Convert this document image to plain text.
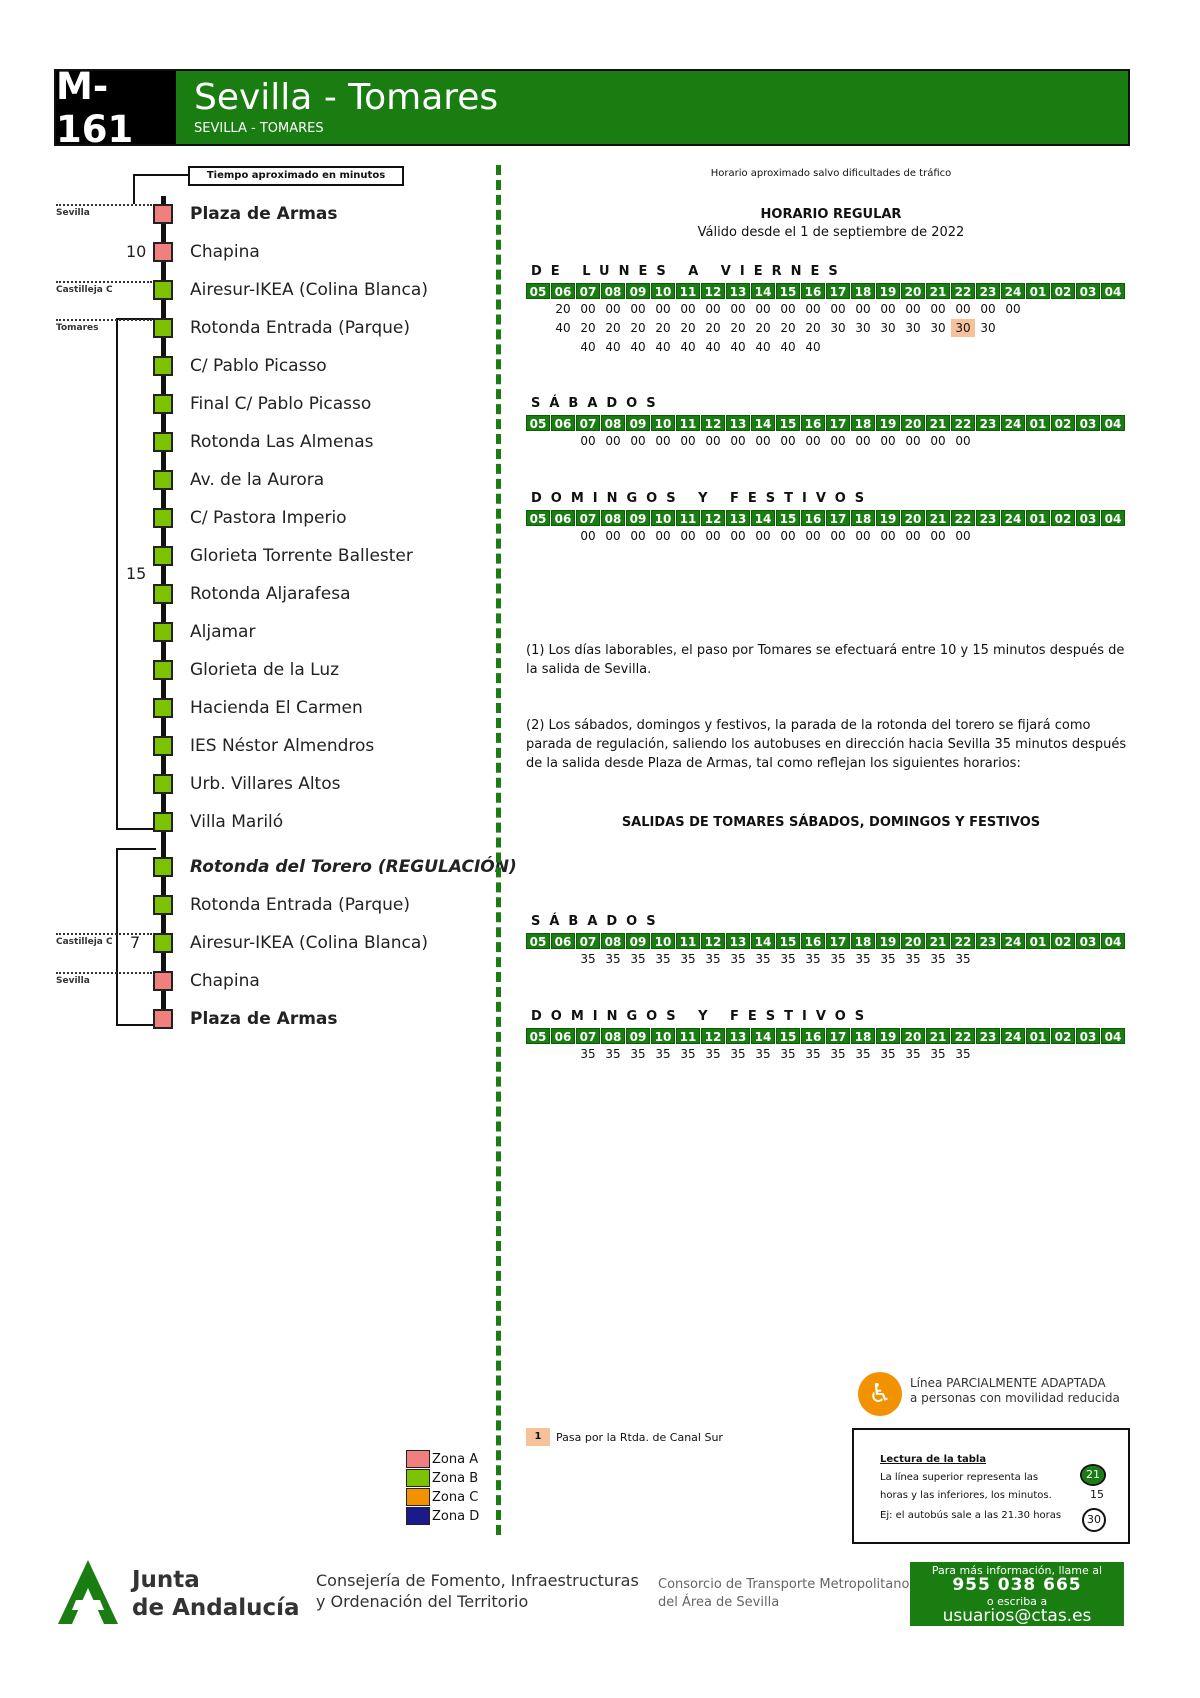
M-161
Sevilla - Tomares
SEVILLA - TOMARES
Tiempo aproximado en minutos
Plaza de Armas
Chapina
Airesur-IKEA (Colina Blanca)
Rotonda Entrada (Parque)
C/ Pablo Picasso
Final C/ Pablo Picasso
Rotonda Las Almenas
Av. de la Aurora
C/ Pastora Imperio
Glorieta Torrente Ballester
Rotonda Aljarafesa
Aljamar
Glorieta de la Luz
Hacienda El Carmen
IES Néstor Almendros
Urb. Villares Altos
Villa Mariló
Rotonda del Torero (REGULACIÓN)
Rotonda Entrada (Parque)
Airesur-IKEA (Colina Blanca)
Chapina
Plaza de Armas
Sevilla
Castilleja C
Tomares
Castilleja C
Sevilla
10
15
7
Horario aproximado salvo dificultades de tráfico
HORARIO REGULAR
Válido desde el 1 de septiembre de 2022
DE LUNES A VIERNES
05 06 07 08 09 10 11 12 13 14 15 16 17 18 19 20 21 22 23 24 01 02 03 04
20 00 00 00 00 00 00 00 00 00 00 00 00 00 00 00 00 00 00
40 20 20 20 20 20 20 20 20 20 20 30 30 30 30 30 30 30
40 40 40 40 40 40 40 40 40 40
SÁBADOS
05 06 07 08 09 10 11 12 13 14 15 16 17 18 19 20 21 22 23 24 01 02 03 04
00 00 00 00 00 00 00 00 00 00 00 00 00 00 00 00
DOMINGOS Y FESTIVOS
05 06 07 08 09 10 11 12 13 14 15 16 17 18 19 20 21 22 23 24 01 02 03 04
00 00 00 00 00 00 00 00 00 00 00 00 00 00 00 00
SÁBADOS
05 06 07 08 09 10 11 12 13 14 15 16 17 18 19 20 21 22 23 24 01 02 03 04
35 35 35 35 35 35 35 35 35 35 35 35 35 35 35 35
DOMINGOS Y FESTIVOS
05 06 07 08 09 10 11 12 13 14 15 16 17 18 19 20 21 22 23 24 01 02 03 04
35 35 35 35 35 35 35 35 35 35 35 35 35 35 35 35
(1) Los días laborables, el paso por Tomares se efectuará entre 10 y 15 minutos después de la salida de Sevilla.
(2) Los sábados, domingos y festivos, la parada de la rotonda del torero se fijará como parada de regulación, saliendo los autobuses en dirección hacia Sevilla 35 minutos después de la salida desde Plaza de Armas, tal como reflejan los siguientes horarios:
SALIDAS DE TOMARES SÁBADOS, DOMINGOS Y FESTIVOS
♿	Línea PARCIALMENTE ADAPTADA
a personas con movilidad reducida
1	Pasa por la Rtda. de Canal Sur
Zona A
Zona B
Zona C
Zona D
Lectura de la tabla
La línea superior representa las
horas y las inferiores, los minutos.
Ej: el autobús sale a las 21.30 horas
21
15
30
Junta
de Andalucía
Consejería de Fomento, Infraestructuras
y Ordenación del Territorio
Consorcio de Transporte Metropolitano
del Área de Sevilla
Para más información, llame al
955 038 665
o escriba a
usuarios@ctas.es
